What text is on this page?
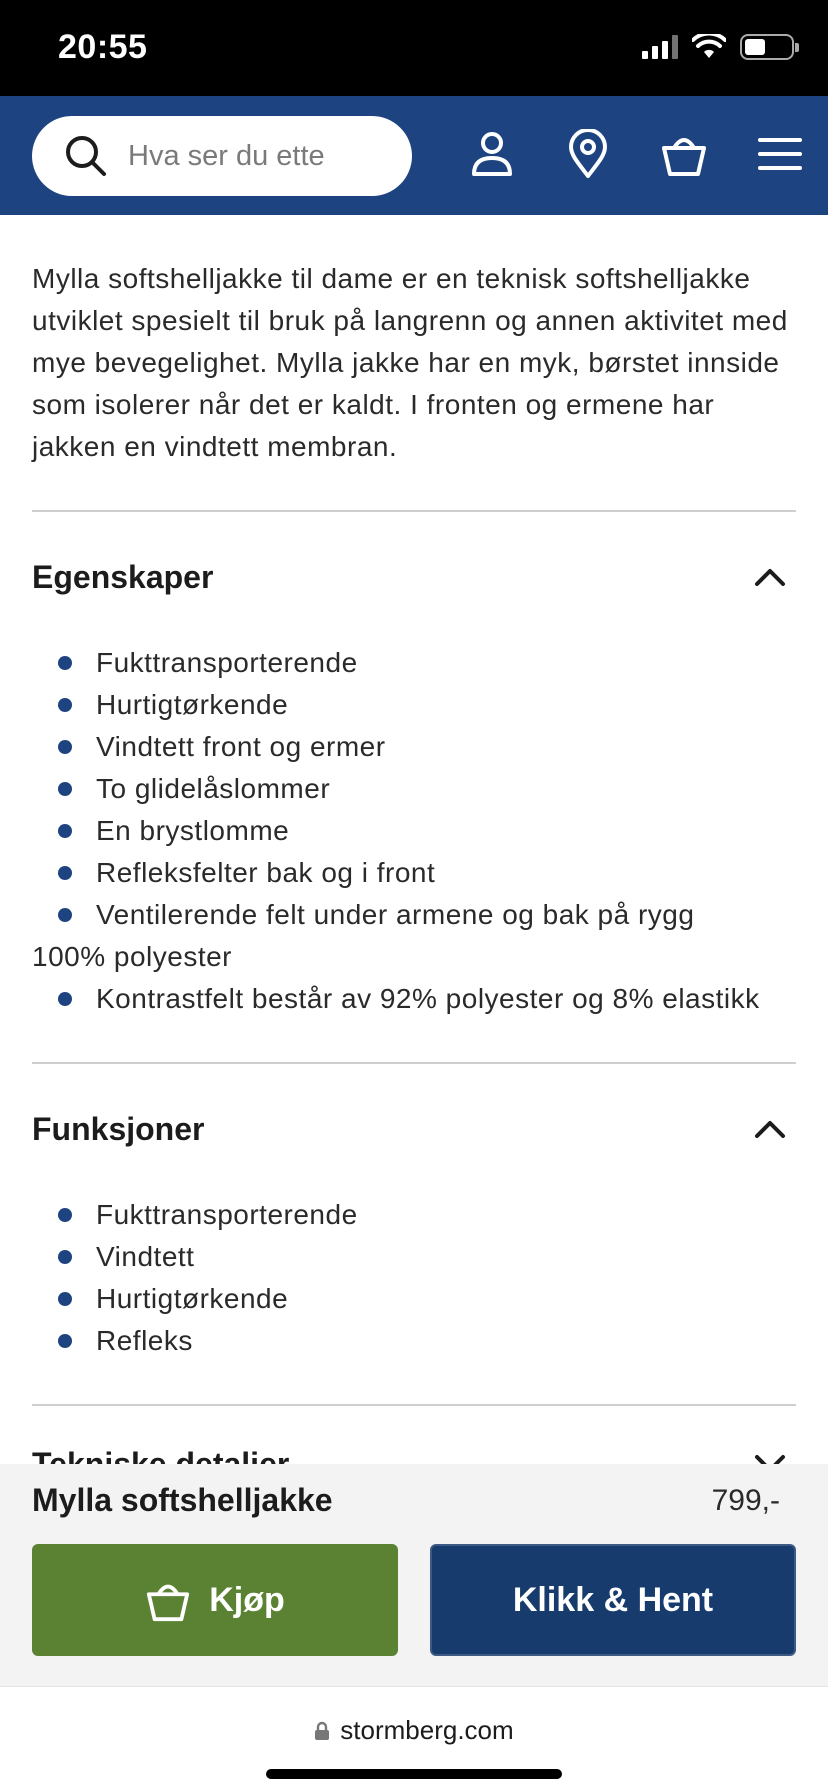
20:55
Hva ser du ette

Mylla softshelljakke til dame er en teknisk softshelljakke utviklet spesielt til bruk på langrenn og annen aktivitet med mye bevegelighet. Mylla jakke har en myk, børstet innside som isolerer når det er kaldt. I fronten og ermene har jakken en vindtett membran.

Egenskaper
Fukttransporterende
Hurtigtørkende
Vindtett front og ermer
To glidelåslommer
En brystlomme
Refleksfelter bak og i front
Ventilerende felt under armene og bak på rygg
100% polyester
Kontrastfelt består av 92% polyester og 8% elastikk
Funksjoner
Fukttransporterende
Vindtett
Hurtigtørkende
Refleks
Mylla softshelljakke	799,-
Kjøp	Klikk & Hent
stormberg.com
